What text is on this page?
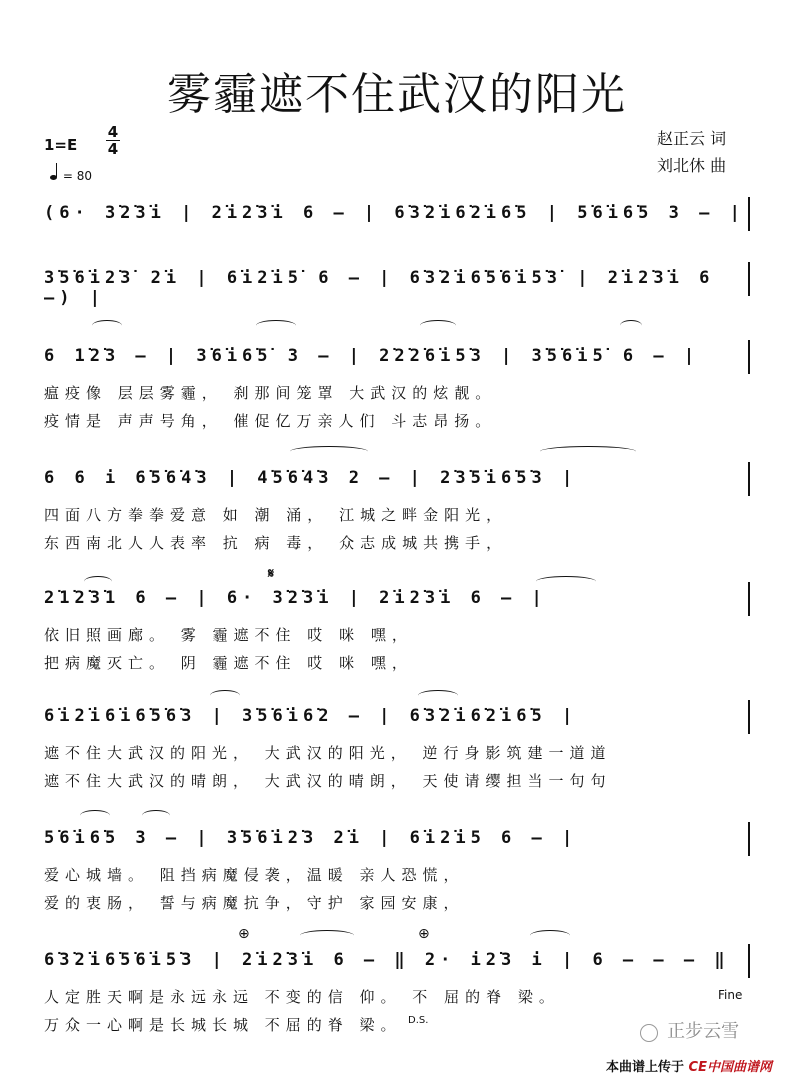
雾霾遮不住武汉的阳光
1=E
4
4
= 80
赵正云 词
刘北休 曲
(6· 3̇2̇3̇i | 2̇i2̇3̇i 6 — | 6̇3̇2̇i6̇2̇i6̇5 | 5̇6̇i6̇5 3 — |
3̇5̇6̇i2̇3̇ 2̇i | 6̇i2̇i5̇ 6 — | 6̇3̇2̇i6̇5̇6̇i5̇3̇ | 2̇i2̇3̇i 6 —) |
6 1̇2̇3 — | 3̇6̇i6̇5̇ 3 — | 2̇2̇2̇6̇i5̇3 | 3̇5̇6̇i5̇ 6 — |
瘟疫像 层层雾霾， 刹那间笼罩 大武汉的炫靓。
疫情是 声声号角， 催促亿万亲人们 斗志昂扬。
6 6 i 6̇5̇6̇4̇3 | 4̇5̇6̇4̇3 2 — | 2̇3̇5̇i6̇5̇3 |
四面八方拳拳爱意 如 潮 涌， 江城之畔金阳光，
东西南北人人表率 抗 病 毒， 众志成城共携手，
2̇1̇2̇3̇1 6 — | 6· 3̇2̇3̇i | 2̇i2̇3̇i 6 — |
依旧照画廊。 雾 霾遮不住 哎 咪 嘿，
把病魔灭亡。 阴 霾遮不住 哎 咪 嘿，
6̇i2̇i6̇i6̇5̇6̇3 | 3̇5̇6̇i6̇2 — | 6̇3̇2̇i6̇2̇i6̇5 |
遮不住大武汉的阳光， 大武汉的阳光， 逆行身影筑建一道道
遮不住大武汉的晴朗， 大武汉的晴朗， 天使请缨担当一句句
5̇6̇i6̇5 3 — | 3̇5̇6̇i2̇3 2̇i | 6̇i2̇i5 6 — |
爱心城墙。 阻挡病魔侵袭，温暖 亲人恐慌，
爱的衷肠， 誓与病魔抗争，守护 家园安康，
6̇3̇2̇i6̇5̇6̇i5̇3 | 2̇i2̇3̇i 6 — ‖ 2· i2̇3 i | 6 — — — ‖
人定胜天啊是永远永远 不变的信 仰。 不 屈的脊 梁。
万众一心啊是长城长城 不屈的脊 梁。
𝄋
⊕	⊕
Fine
D.S.
正步云雪
本曲谱上传于 CE中国曲谱网
